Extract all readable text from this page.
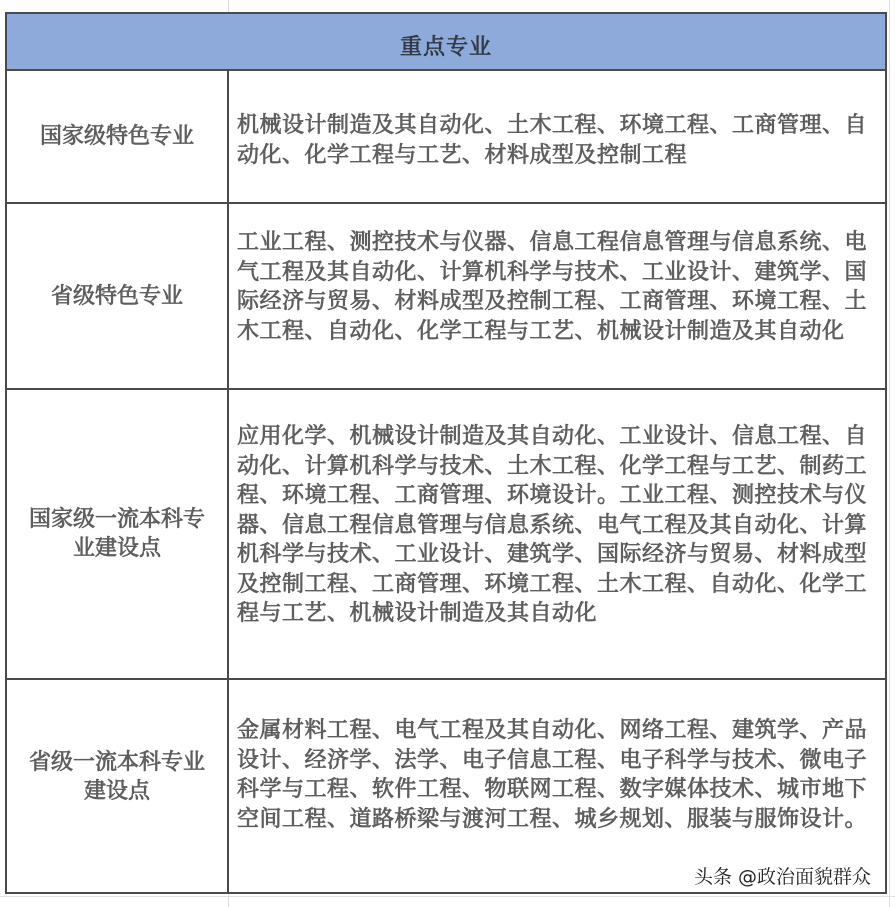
重点专业
国家级特色专业	机械设计制造及其自动化、土木工程、环境工程、工商管理、自动化、化学工程与工艺、材料成型及控制工程
省级特色专业
工业工程、测控技术与仪器、信息工程信息管理与信息系统、电气工程及其自动化、计算机科学与技术、工业设计、建筑学、国际经济与贸易、材料成型及控制工程、工商管理、环境工程、土木工程、自动化、化学工程与工艺、机械设计制造及其自动化
国家级一流本科专业建设点
应用化学、机械设计制造及其自动化、工业设计、信息工程、自动化、计算机科学与技术、土木工程、化学工程与工艺、制药工程、环境工程、工商管理、环境设计。工业工程、测控技术与仪器、信息工程信息管理与信息系统、电气工程及其自动化、计算机科学与技术、工业设计、建筑学、国际经济与贸易、材料成型及控制工程、工商管理、环境工程、土木工程、自动化、化学工程与工艺、机械设计制造及其自动化
省级一流本科专业建设点
金属材料工程、电气工程及其自动化、网络工程、建筑学、产品设计、经济学、法学、电子信息工程、电子科学与技术、微电子科学与工程、软件工程、物联网工程、数字媒体技术、城市地下空间工程、道路桥梁与渡河工程、城乡规划、服装与服饰设计。
头条 @政治面貌群众
